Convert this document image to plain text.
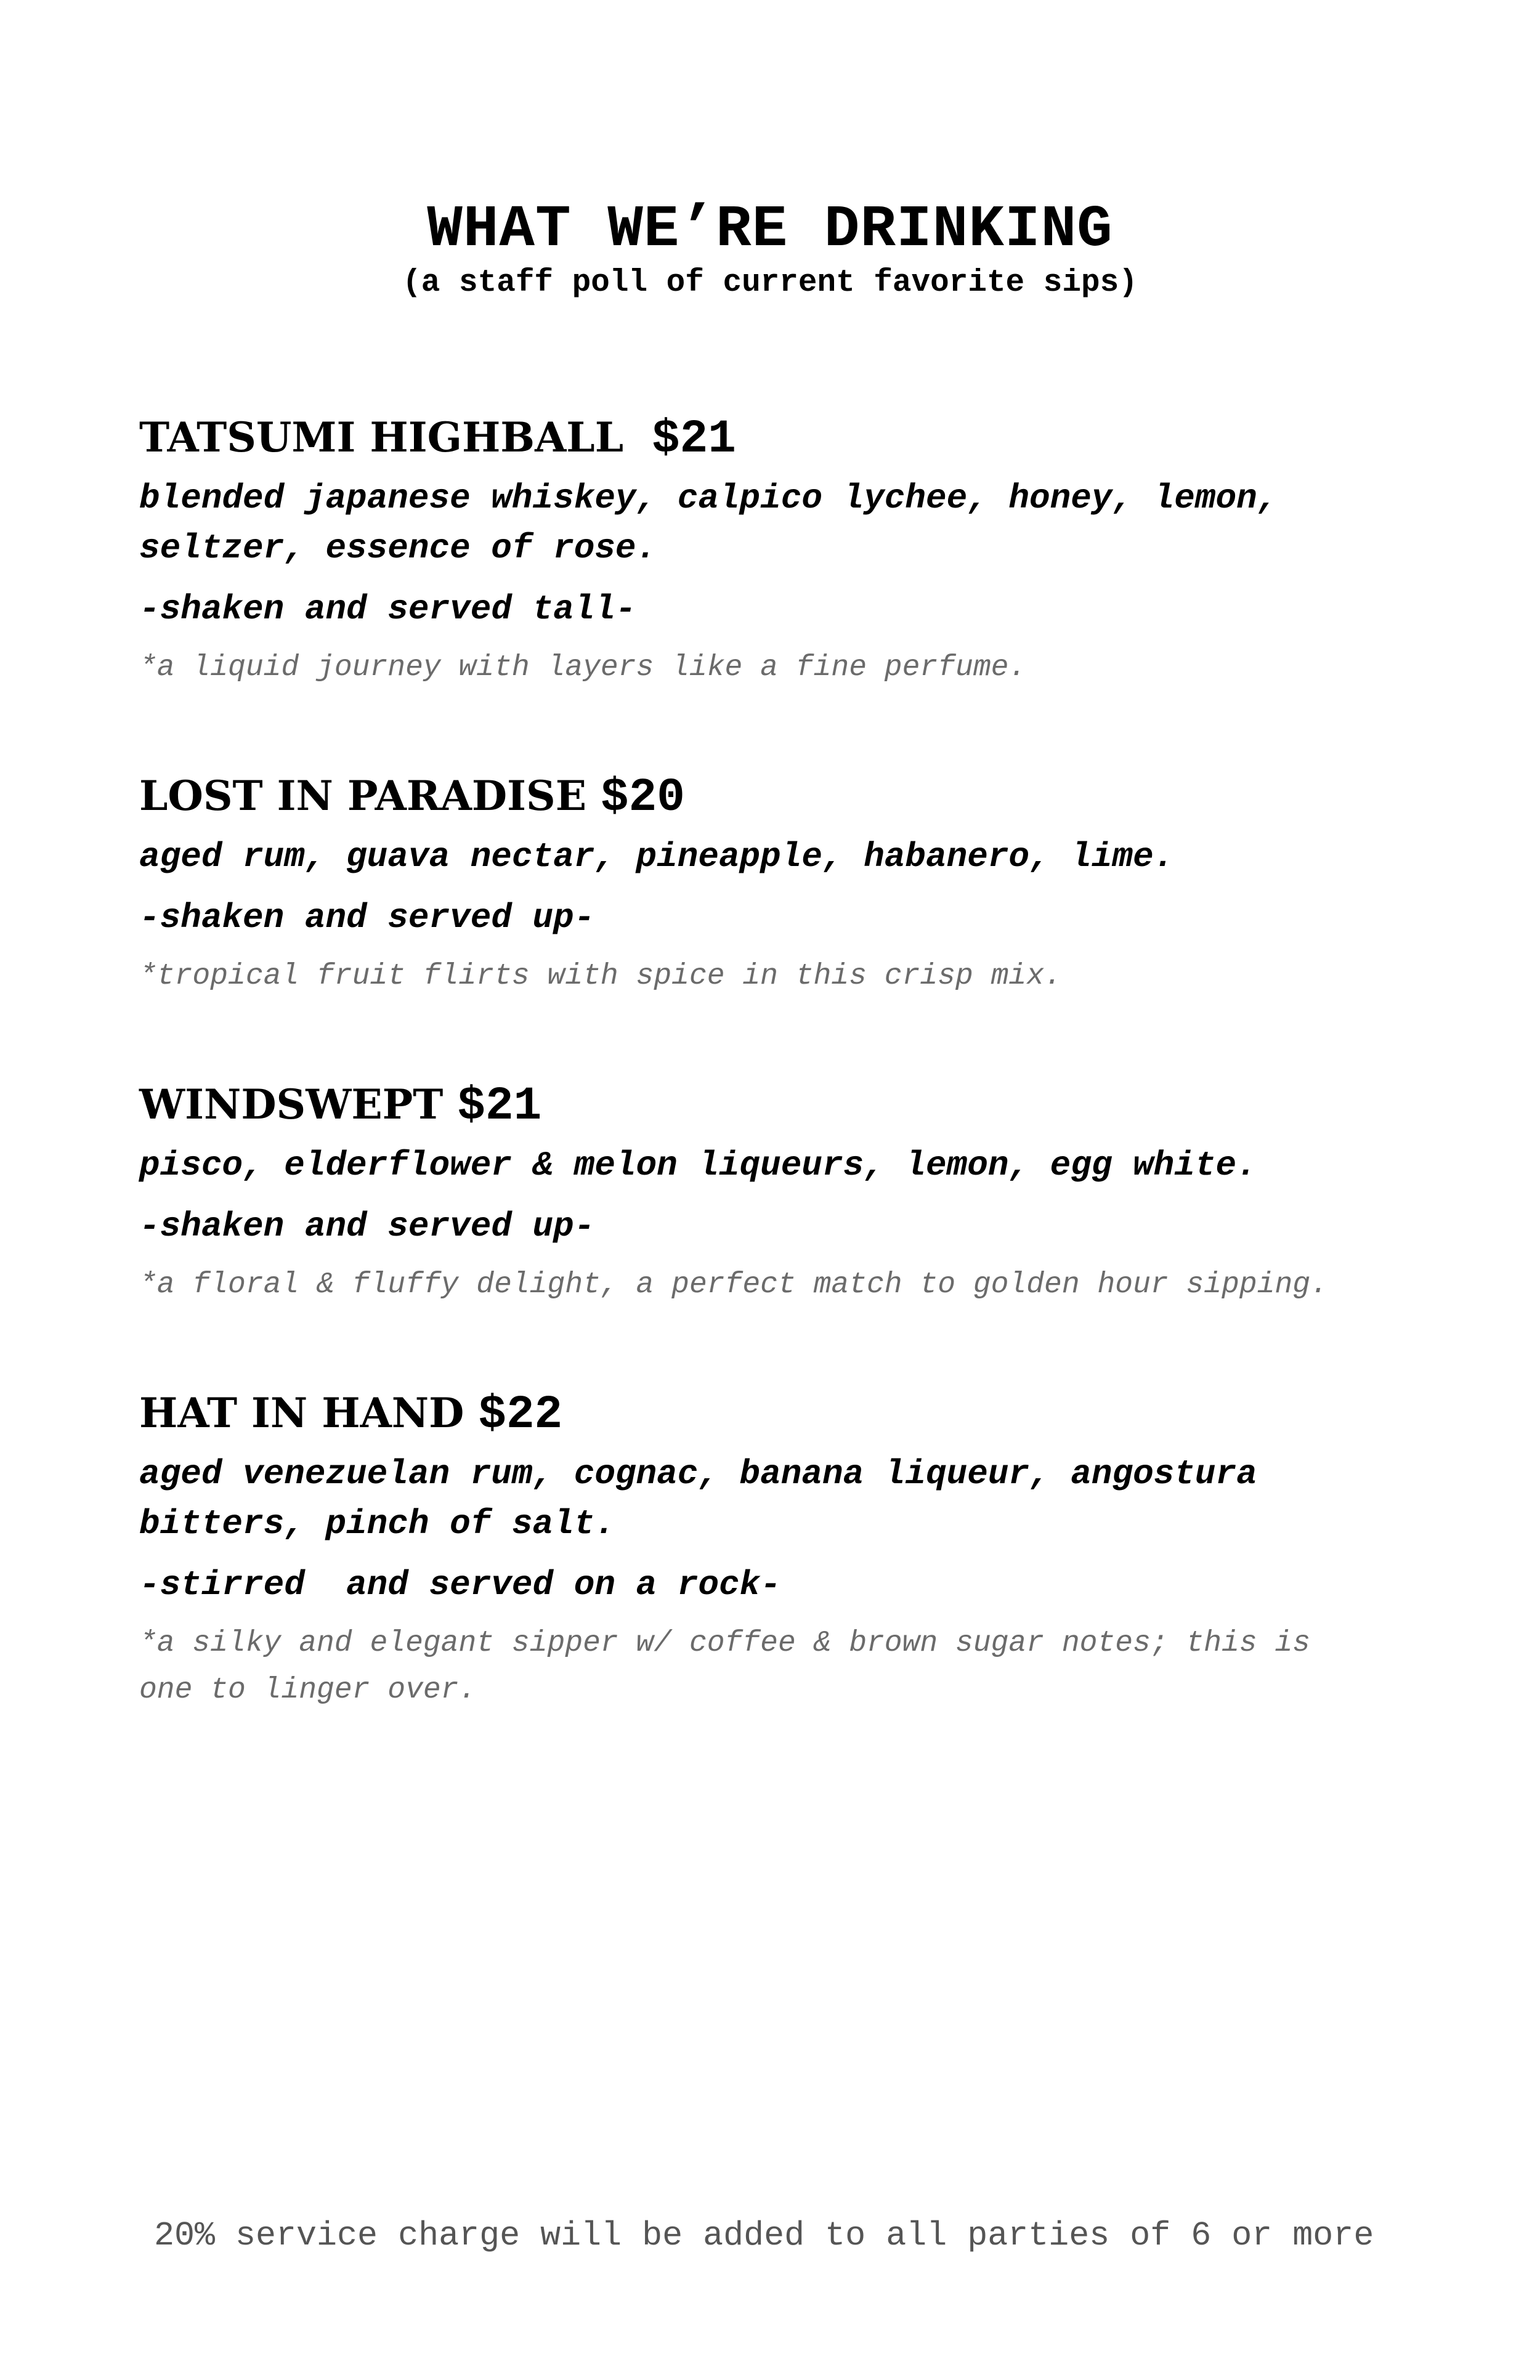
WHAT WE’RE DRINKING
(a staff poll of current favorite sips)
TATSUMI HIGHBALL  $21
blended japanese whiskey, calpico lychee, honey, lemon,
seltzer, essence of rose.
-shaken and served tall-
*a liquid journey with layers like a fine perfume.
LOST IN PARADISE $20
aged rum, guava nectar, pineapple, habanero, lime.
-shaken and served up-
*tropical fruit flirts with spice in this crisp mix.
WINDSWEPT $21
pisco, elderflower & melon liqueurs, lemon, egg white.
-shaken and served up-
*a floral & fluffy delight, a perfect match to golden hour sipping.
HAT IN HAND $22
aged venezuelan rum, cognac, banana liqueur, angostura
bitters, pinch of salt.
-stirred  and served on a rock-
*a silky and elegant sipper w/ coffee & brown sugar notes; this is
one to linger over.
20% service charge will be added to all parties of 6 or more
